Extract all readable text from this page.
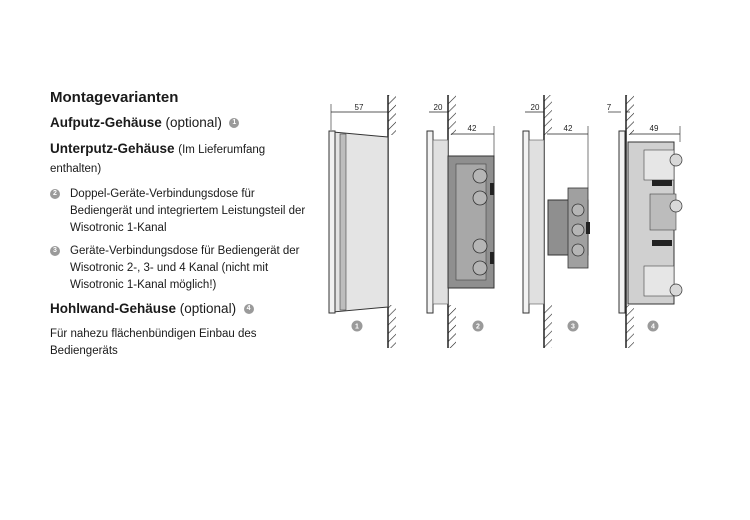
Montagevarianten
Aufputz-Gehäuse (optional) 1
Unterputz-Gehäuse (Im Lieferumfang enthalten)
2 Doppel-Geräte-Verbindungsdose für Bediengerät und integriertem Leistungsteil der Wisotronic 1-Kanal
3 Geräte-Verbindungsdose für Bediengerät der Wisotronic 2-, 3- und 4 Kanal (nicht mit Wisotronic 1-Kanal möglich!)
Hohlwand-Gehäuse (optional) 4
Für nahezu flächenbündigen Einbau des Bediengeräts
57
1
20
42
2
20
42
3
7
49
4
